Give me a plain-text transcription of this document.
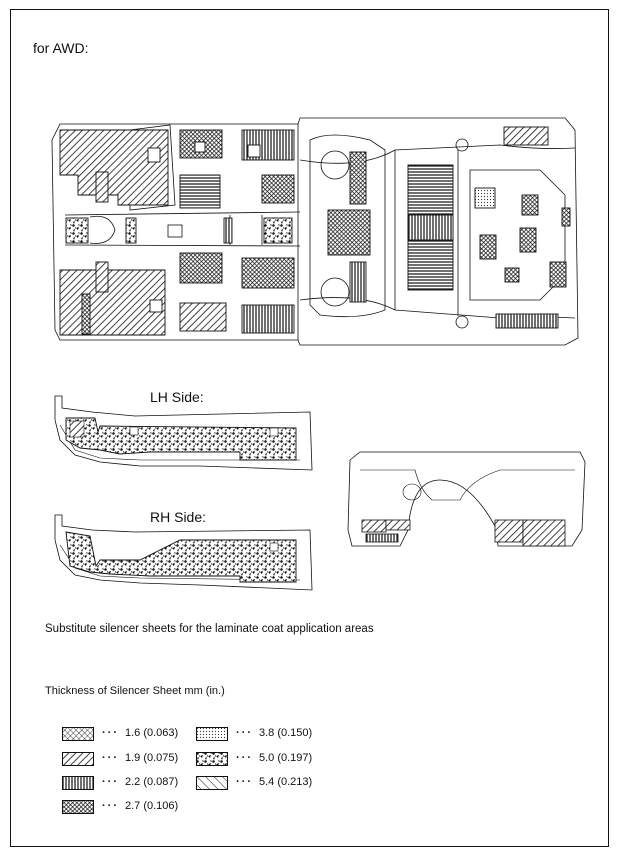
for AWD:
LH Side:
RH Side:
Substitute silencer sheets for the laminate coat application areas
Thickness of Silencer Sheet mm (in.)
··· 1.6 (0.063)
··· 1.9 (0.075)
··· 2.2 (0.087)
··· 2.7 (0.106)
··· 3.8 (0.150)
··· 5.0 (0.197)
··· 5.4 (0.213)
